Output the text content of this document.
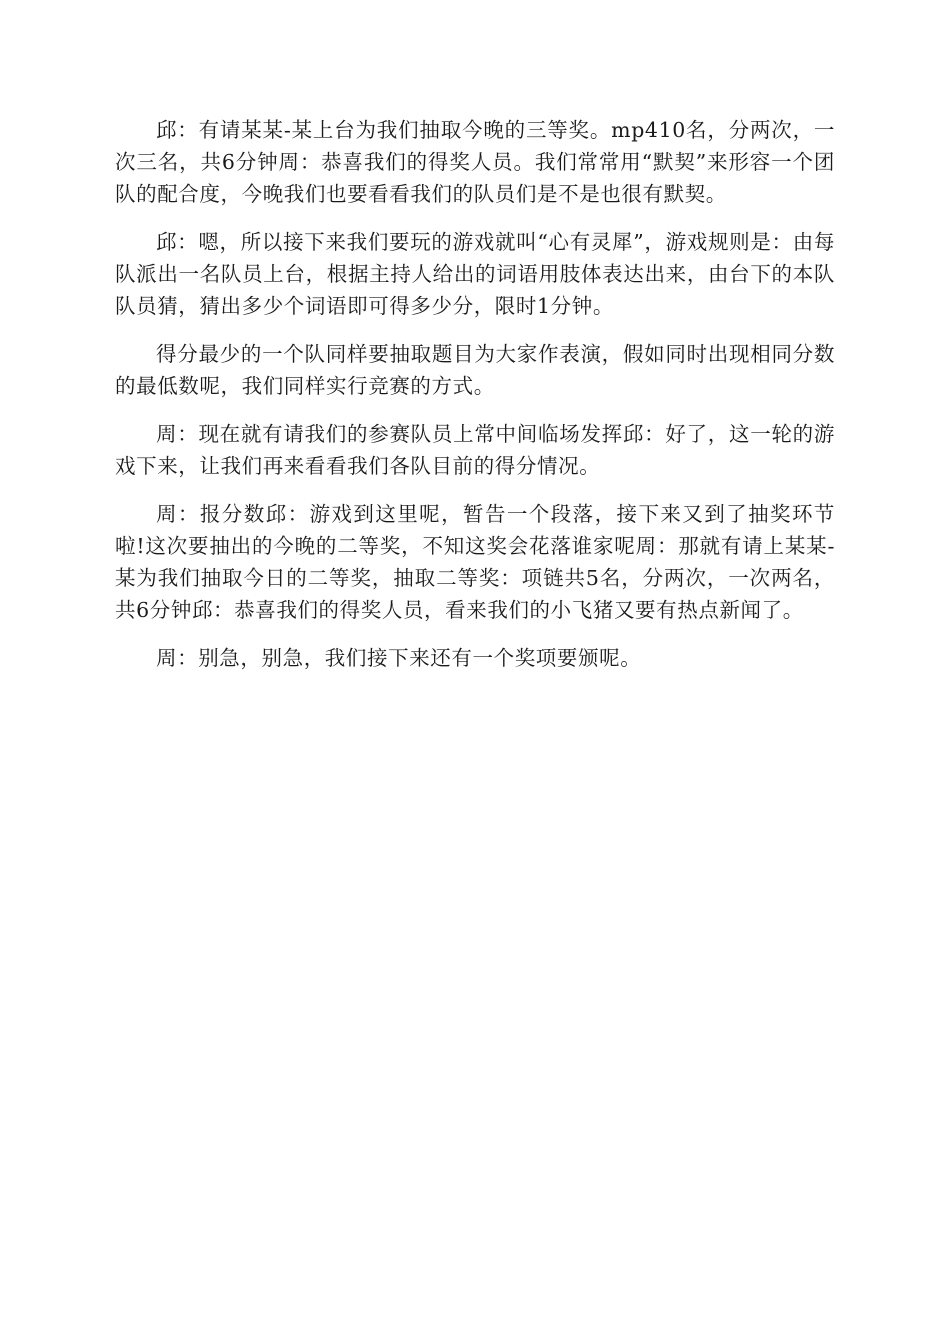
邱：有请某某-某上台为我们抽取今晚的三等奖。mp410名，分两次，一次三名，共6分钟周：恭喜我们的得奖人员。我们常常用“默契”来形容一个团队的配合度，今晚我们也要看看我们的队员们是不是也很有默契。

邱：嗯，所以接下来我们要玩的游戏就叫“心有灵犀”，游戏规则是：由每队派出一名队员上台，根据主持人给出的词语用肢体表达出来，由台下的本队队员猜，猜出多少个词语即可得多少分，限时1分钟。

得分最少的一个队同样要抽取题目为大家作表演，假如同时出现相同分数的最低数呢，我们同样实行竞赛的方式。

周：现在就有请我们的参赛队员上常中间临场发挥邱：好了，这一轮的游戏下来，让我们再来看看我们各队目前的得分情况。

周：报分数邱：游戏到这里呢，暂告一个段落，接下来又到了抽奖环节啦!这次要抽出的今晚的二等奖，不知这奖会花落谁家呢周：那就有请上某某-某为我们抽取今日的二等奖，抽取二等奖：项链共5名，分两次，一次两名，共6分钟邱：恭喜我们的得奖人员，看来我们的小飞猪又要有热点新闻了。

周：别急，别急，我们接下来还有一个奖项要颁呢。
